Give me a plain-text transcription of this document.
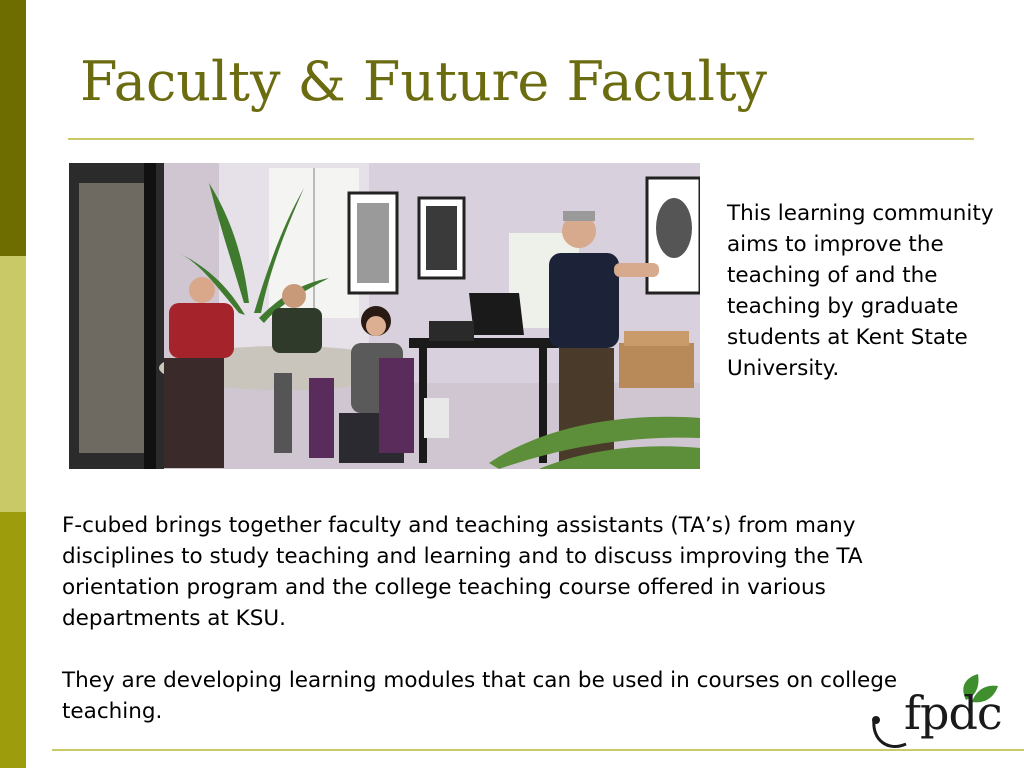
Faculty & Future Faculty

This learning community aims to improve the teaching of and the teaching by graduate students at Kent State University.

F-cubed brings together faculty and teaching assistants (TA’s) from many disciplines to study teaching and learning and to discuss improving the TA orientation program and the college teaching course offered in various departments at KSU.

They are developing learning modules that can be used in courses on college teaching.	fpdc
